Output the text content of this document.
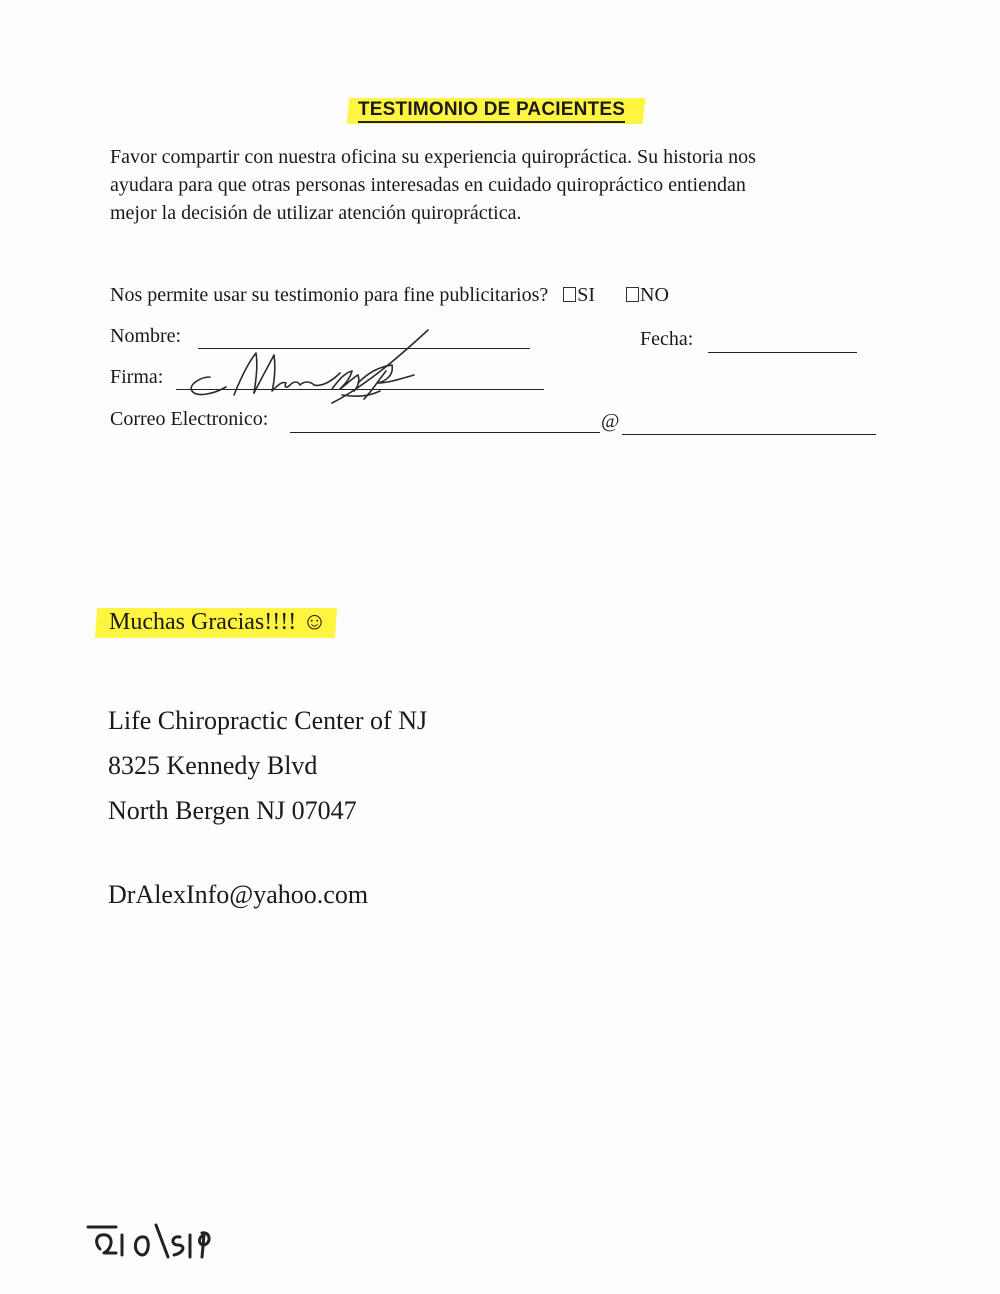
TESTIMONIO DE PACIENTES
Favor compartir con nuestra oficina su experiencia quiropráctica. Su historia nos
ayudara para que otras personas interesadas en cuidado quiropráctico entiendan
mejor la decisión de utilizar atención quiropráctica.
Nos permite usar su testimonio para fine publicitarios? SI NO
Nombre:	Fecha:
Firma:
Correo Electronico:	@
Muchas Gracias!!!! ☺
Life Chiropractic Center of NJ
8325 Kennedy Blvd
North Bergen NJ 07047
DrAlexInfo@yahoo.com
